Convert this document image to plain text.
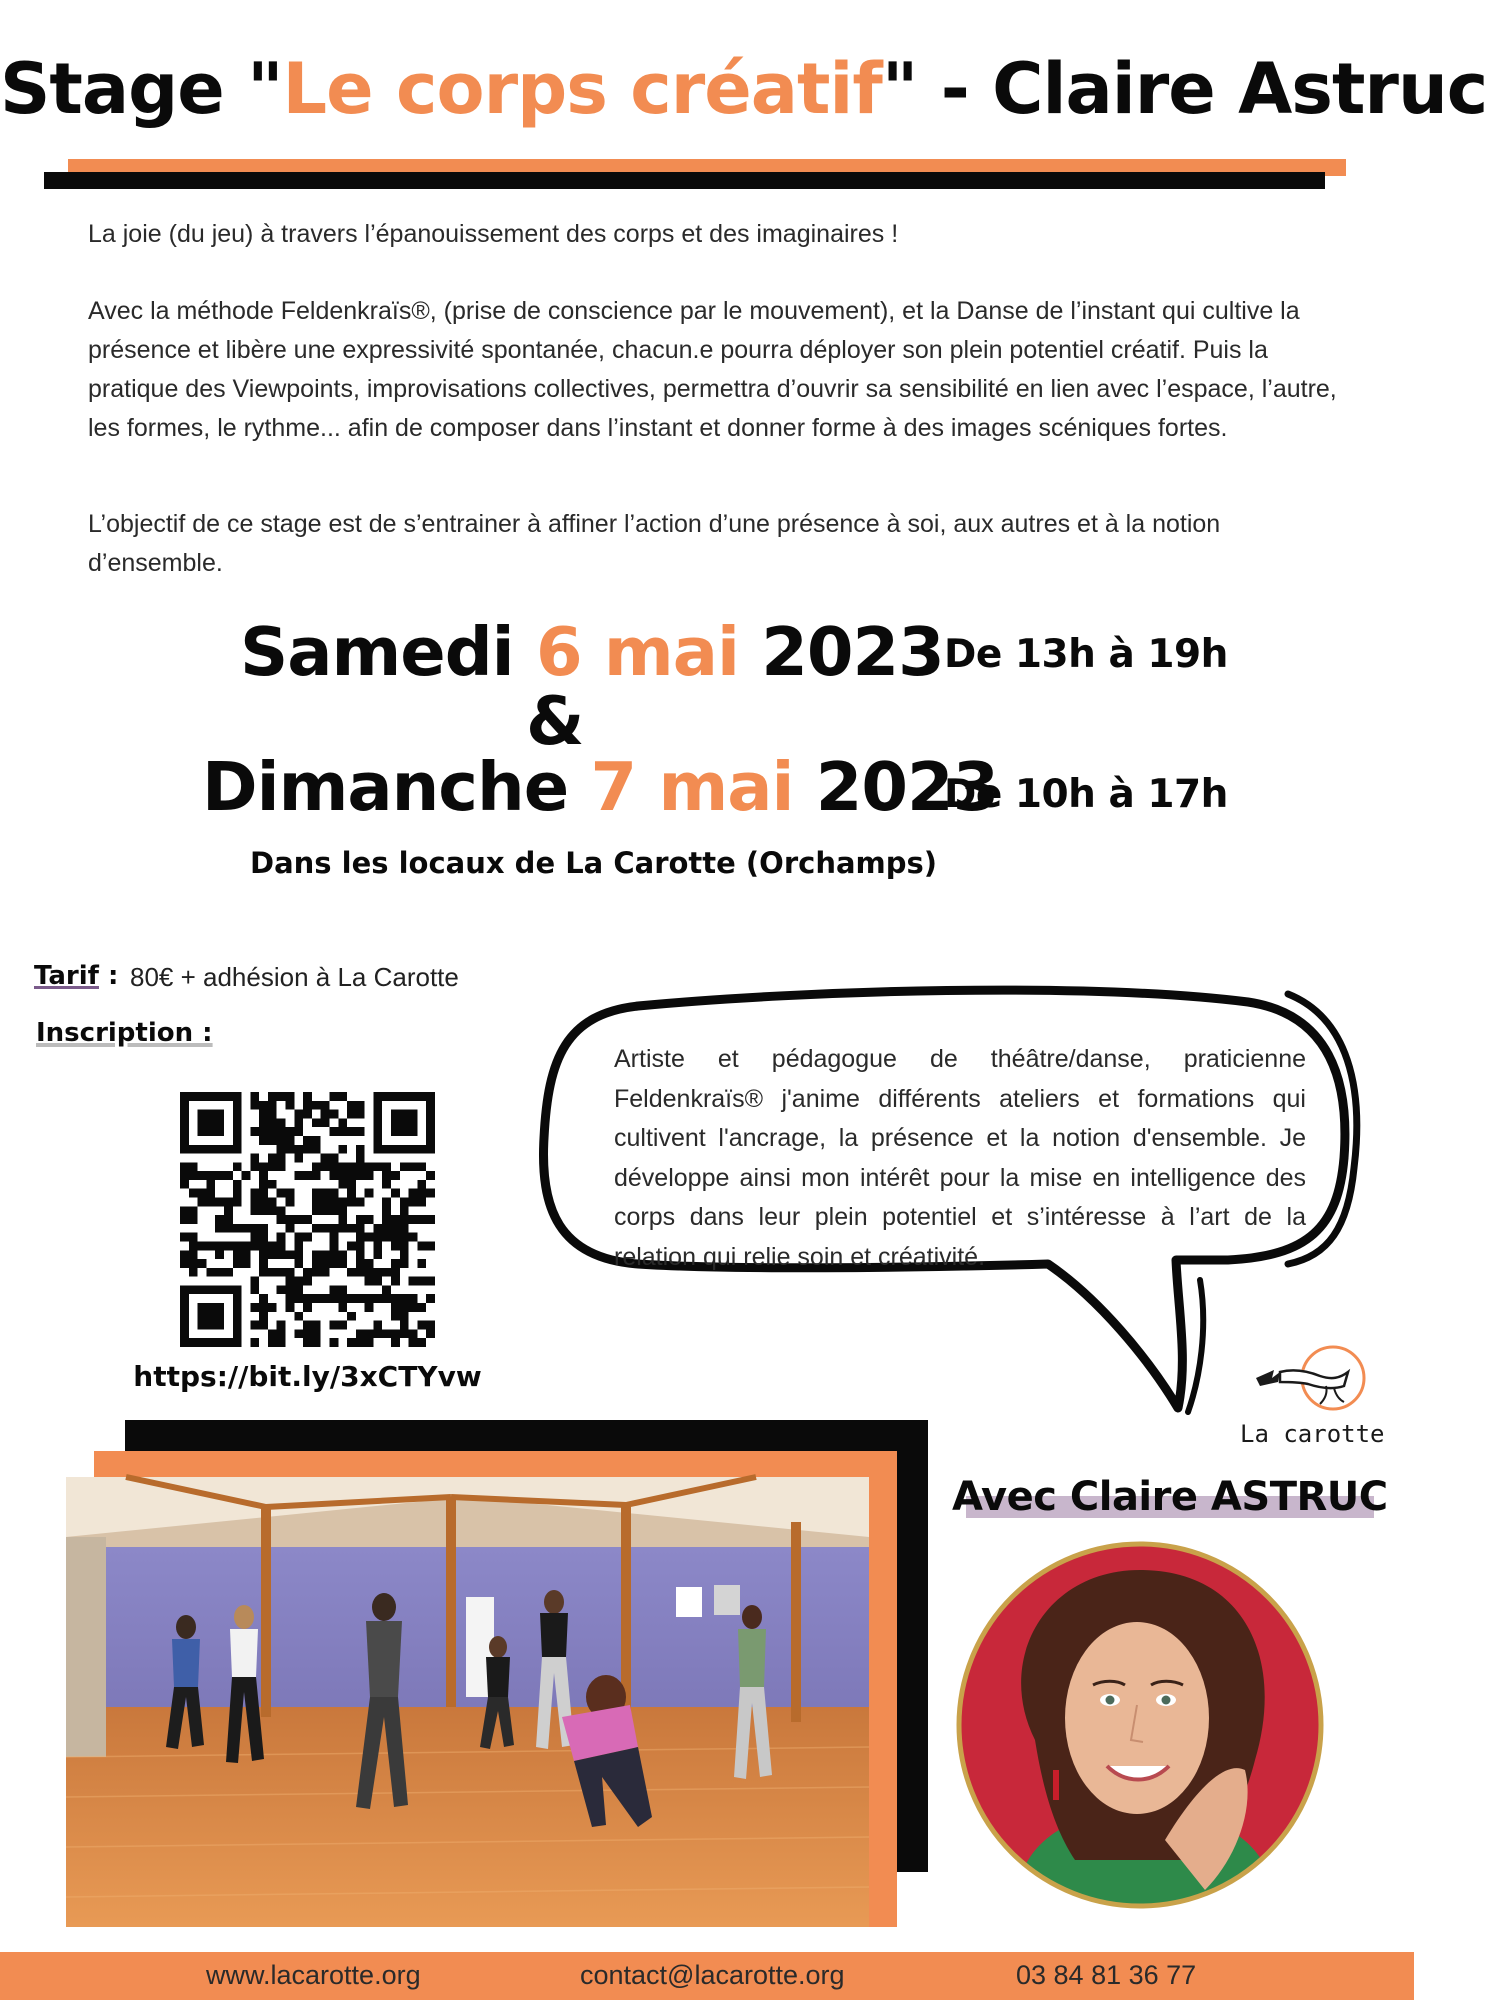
Stage "Le corps créatif" - Claire Astruc

La joie (du jeu) à travers l’épanouissement des corps et des imaginaires !

Avec la méthode Feldenkraïs®, (prise de conscience par le mouvement), et la Danse de l’instant qui cultive la présence et libère une expressivité spontanée, chacun.e pourra déployer son plein potentiel créatif. Puis la pratique des Viewpoints, improvisations collectives, permettra d’ouvrir sa sensibilité en lien avec l’espace, l’autre, les formes, le rythme... afin de composer dans l’instant et donner forme à des images scéniques fortes.

L’objectif de ce stage est de s’entrainer à affiner l’action d’une présence à soi, aux autres et à la notion d’ensemble.

Samedi 6 mai 2023 De 13h à 19h
&
Dimanche 7 mai 2023
De 10h à 17h
Dans les locaux de La Carotte (Orchamps)
Tarif : 80€ + adhésion à La Carotte
Inscription :
https://bit.ly/3xCTYvw

Artiste et pédagogue de théâtre/danse, praticienne Feldenkraïs® j'anime différents ateliers et formations qui cultivent l'ancrage, la présence et la notion d'ensemble. Je développe ainsi mon intérêt pour la mise en intelligence des corps dans leur plein potentiel et s’intéresse à l’art de la relation qui relie soin et créativité.

La carotte
Avec Claire ASTRUC
www.lacarotte.org	contact@lacarotte.org	03 84 81 36 77
